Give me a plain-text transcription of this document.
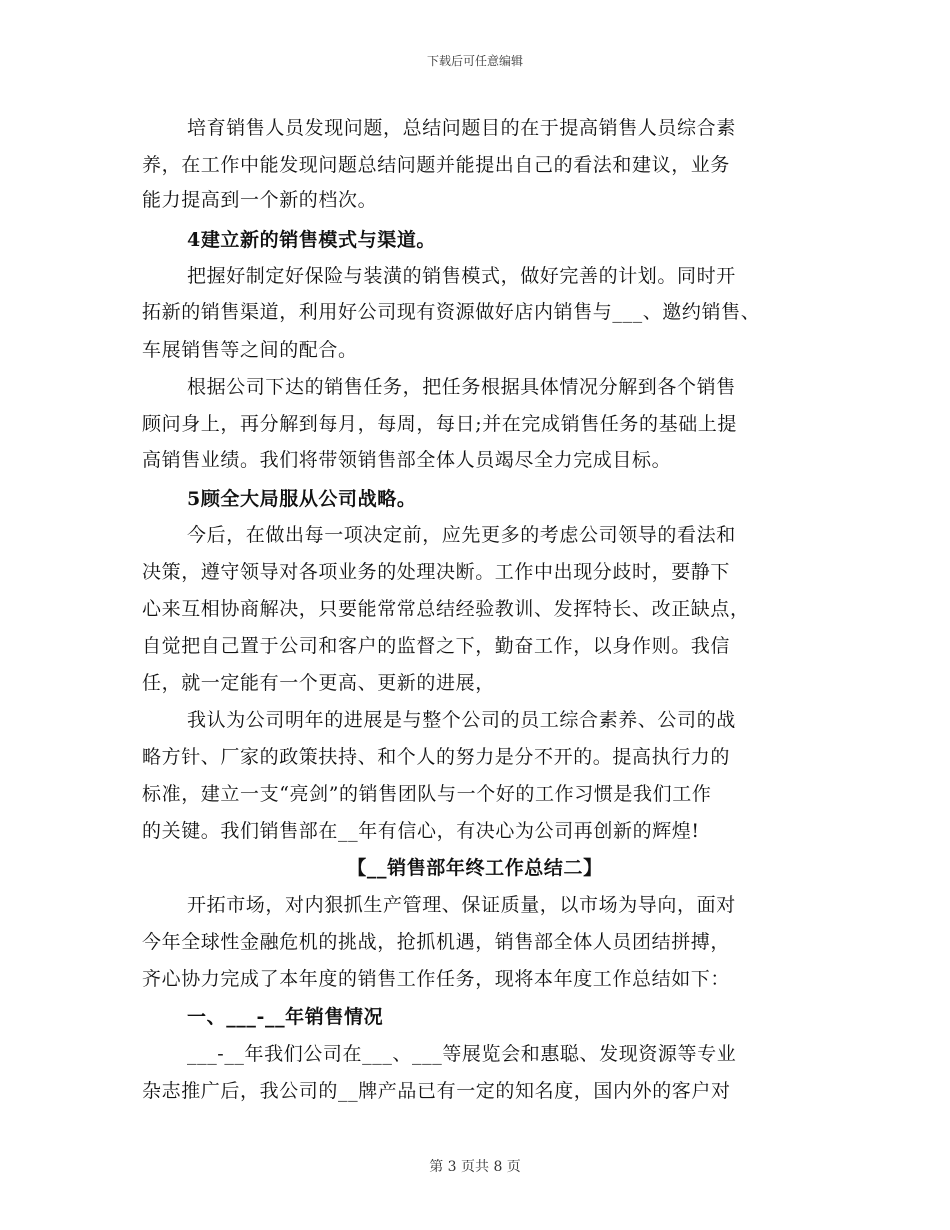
下载后可任意编辑
培育销售人员发现问题，总结问题目的在于提高销售人员综合素
养，在工作中能发现问题总结问题并能提出自己的看法和建议，业务
能力提高到一个新的档次。
4建立新的销售模式与渠道。
把握好制定好保险与装潢的销售模式，做好完善的计划。同时开
拓新的销售渠道，利用好公司现有资源做好店内销售与___、邀约销售、
车展销售等之间的配合。
根据公司下达的销售任务，把任务根据具体情况分解到各个销售
顾问身上，再分解到每月，每周，每日;并在完成销售任务的基础上提
高销售业绩。我们将带领销售部全体人员竭尽全力完成目标。
5顾全大局服从公司战略。
今后，在做出每一项决定前，应先更多的考虑公司领导的看法和
决策，遵守领导对各项业务的处理决断。工作中出现分歧时，要静下
心来互相协商解决，只要能常常总结经验教训、发挥特长、改正缺点，
自觉把自己置于公司和客户的监督之下，勤奋工作，以身作则。我信
任，就一定能有一个更高、更新的进展，
我认为公司明年的进展是与整个公司的员工综合素养、公司的战
略方针、厂家的政策扶持、和个人的努力是分不开的。提高执行力的
标准，建立一支“亮剑”的销售团队与一个好的工作习惯是我们工作
的关键。我们销售部在__年有信心，有决心为公司再创新的辉煌!
【__销售部年终工作总结二】
开拓市场，对内狠抓生产管理、保证质量，以市场为导向，面对
今年全球性金融危机的挑战，抢抓机遇，销售部全体人员团结拼搏，
齐心协力完成了本年度的销售工作任务，现将本年度工作总结如下：
一、___-__年销售情况
___-__年我们公司在___、___等展览会和惠聪、发现资源等专业
杂志推广后，我公司的__牌产品已有一定的知名度，国内外的客户对
第 3 页共 8 页
